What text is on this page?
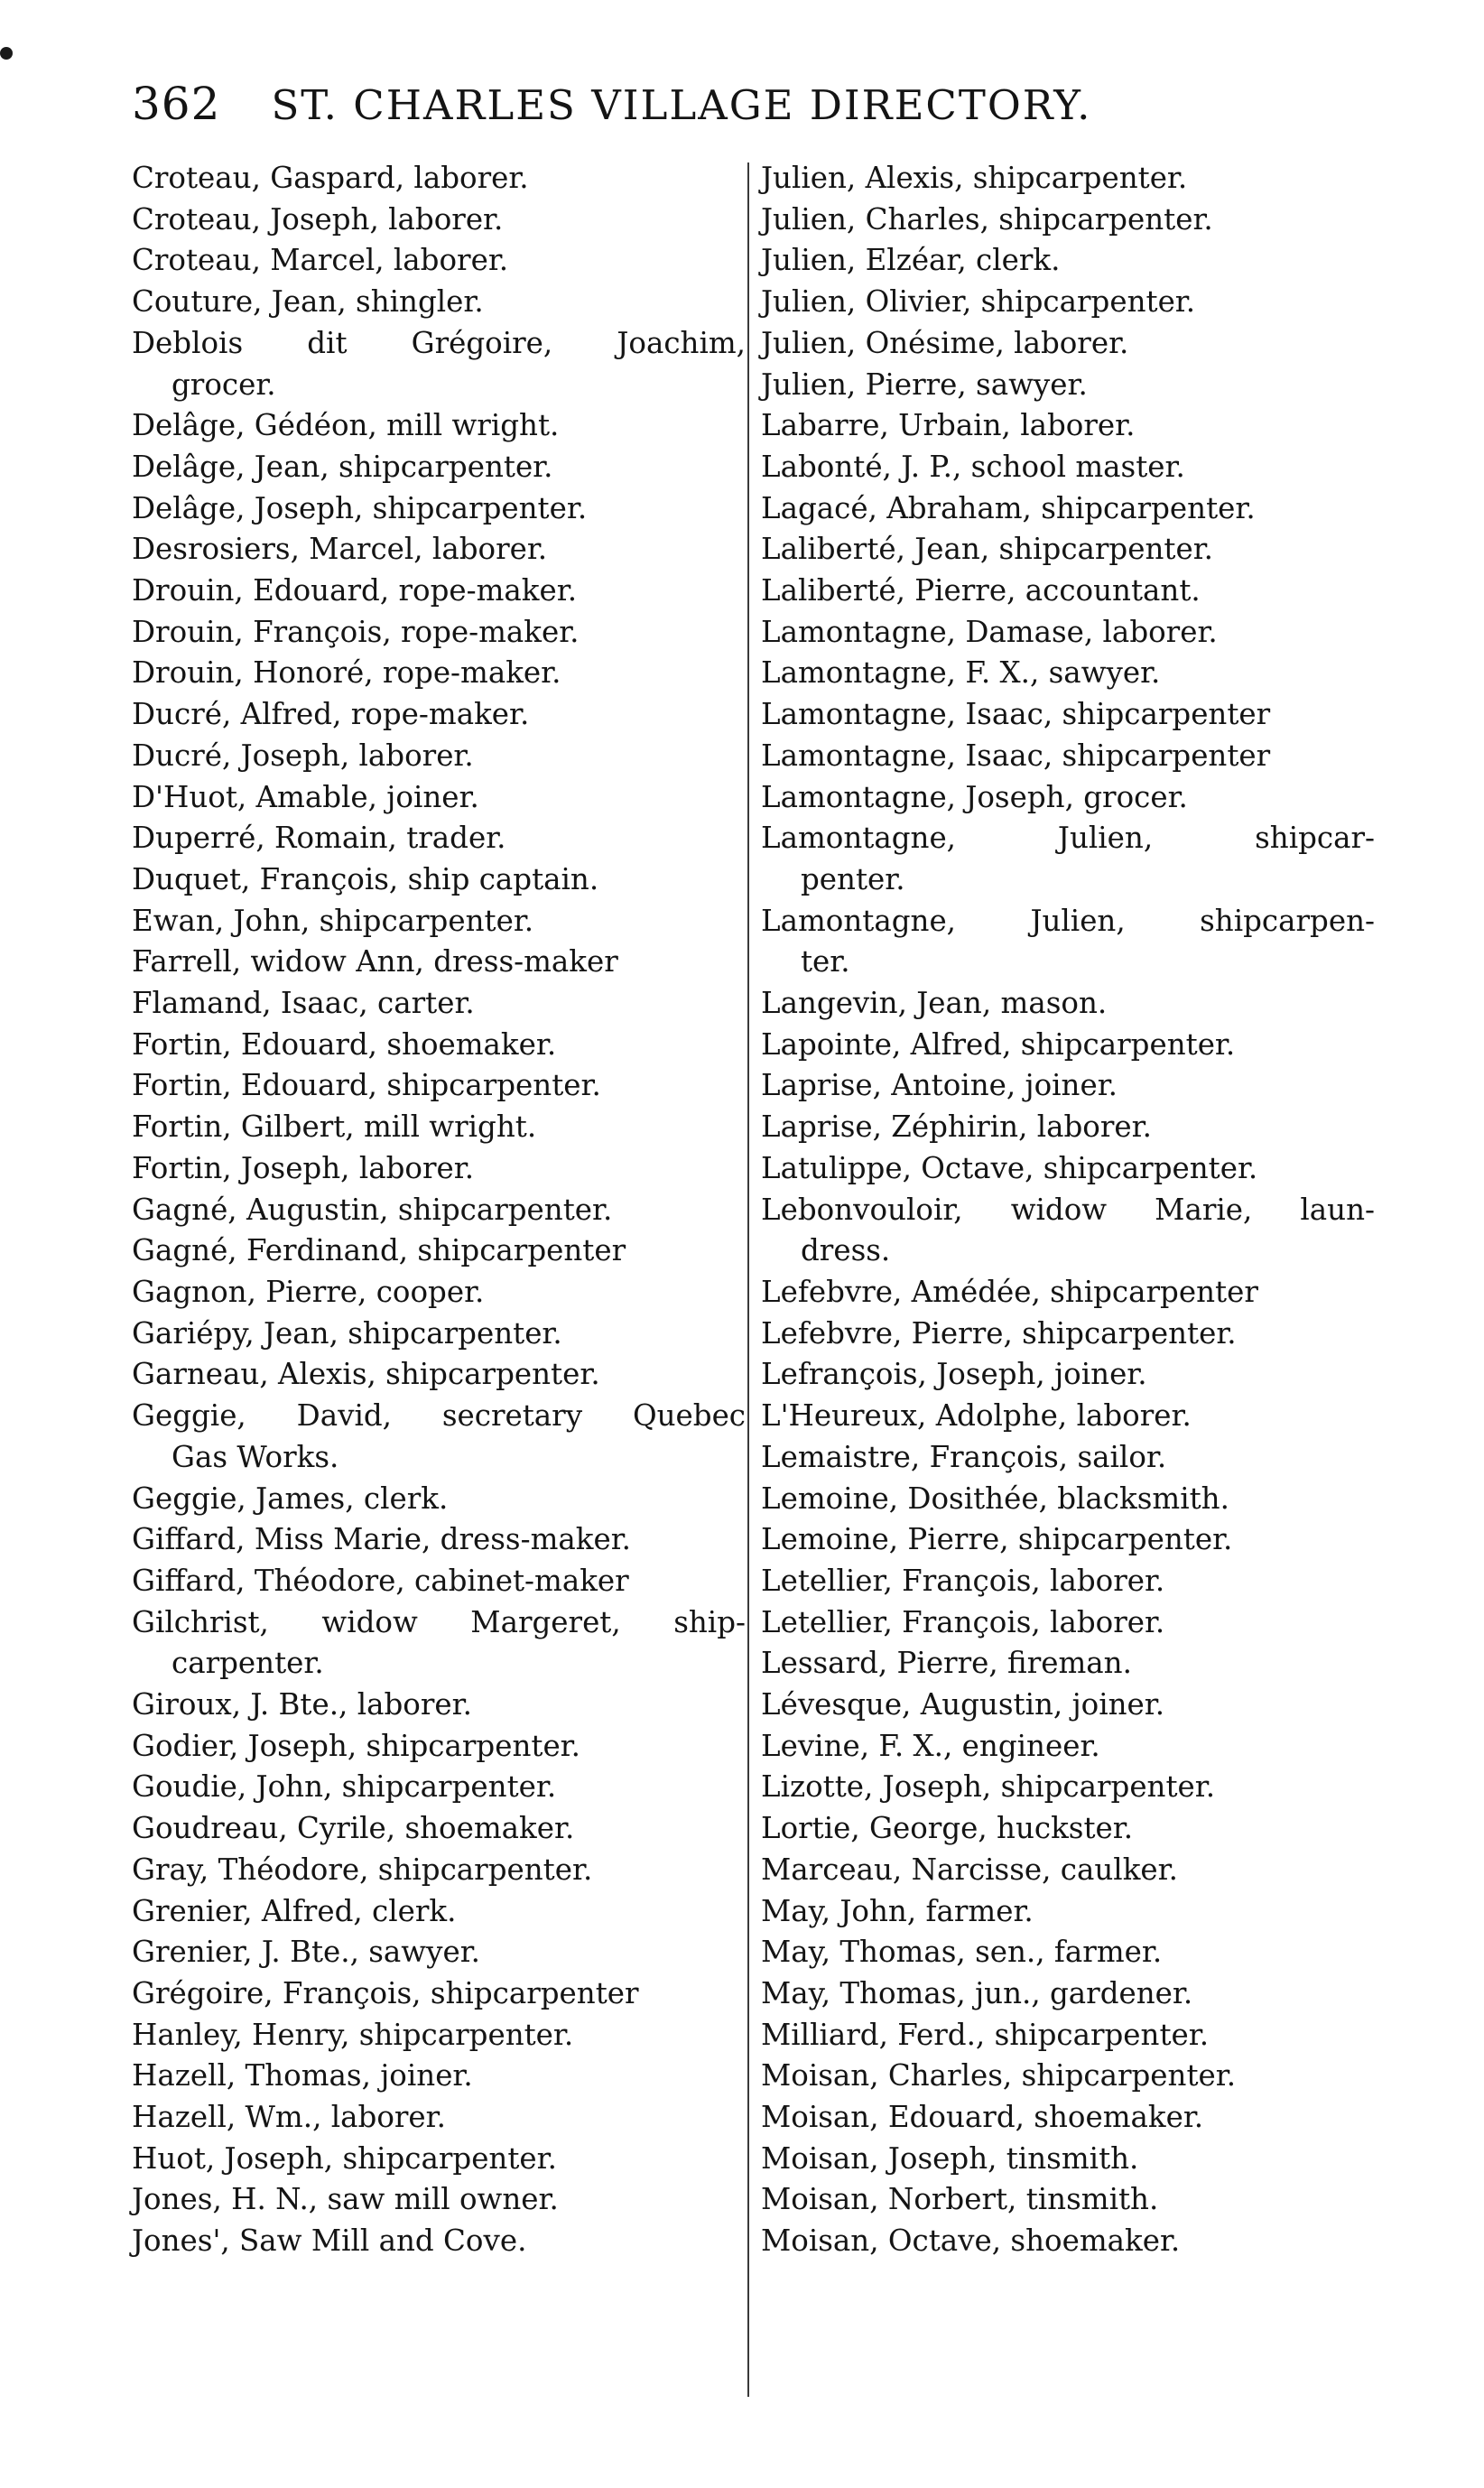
362 ST. CHARLES VILLAGE DIRECTORY.
Croteau, Gaspard, laborer.
Croteau, Joseph, laborer.
Croteau, Marcel, laborer.
Couture, Jean, shingler.
Deblois dit Grégoire, Joachim,
grocer.
Delâge, Gédéon, mill wright.
Delâge, Jean, shipcarpenter.
Delâge, Joseph, shipcarpenter.
Desrosiers, Marcel, laborer.
Drouin, Edouard, rope-maker.
Drouin, François, rope-maker.
Drouin, Honoré, rope-maker.
Ducré, Alfred, rope-maker.
Ducré, Joseph, laborer.
D'Huot, Amable, joiner.
Duperré, Romain, trader.
Duquet, François, ship captain.
Ewan, John, shipcarpenter.
Farrell, widow Ann, dress-maker
Flamand, Isaac, carter.
Fortin, Edouard, shoemaker.
Fortin, Edouard, shipcarpenter.
Fortin, Gilbert, mill wright.
Fortin, Joseph, laborer.
Gagné, Augustin, shipcarpenter.
Gagné, Ferdinand, shipcarpenter
Gagnon, Pierre, cooper.
Gariépy, Jean, shipcarpenter.
Garneau, Alexis, shipcarpenter.
Geggie, David, secretary Quebec
Gas Works.
Geggie, James, clerk.
Giffard, Miss Marie, dress-maker.
Giffard, Théodore, cabinet-maker
Gilchrist, widow Margeret, ship-
carpenter.
Giroux, J. Bte., laborer.
Godier, Joseph, shipcarpenter.
Goudie, John, shipcarpenter.
Goudreau, Cyrile, shoemaker.
Gray, Théodore, shipcarpenter.
Grenier, Alfred, clerk.
Grenier, J. Bte., sawyer.
Grégoire, François, shipcarpenter
Hanley, Henry, shipcarpenter.
Hazell, Thomas, joiner.
Hazell, Wm., laborer.
Huot, Joseph, shipcarpenter.
Jones, H. N., saw mill owner.
Jones', Saw Mill and Cove.
Julien, Alexis, shipcarpenter.
Julien, Charles, shipcarpenter.
Julien, Elzéar, clerk.
Julien, Olivier, shipcarpenter.
Julien, Onésime, laborer.
Julien, Pierre, sawyer.
Labarre, Urbain, laborer.
Labonté, J. P., school master.
Lagacé, Abraham, shipcarpenter.
Laliberté, Jean, shipcarpenter.
Laliberté, Pierre, accountant.
Lamontagne, Damase, laborer.
Lamontagne, F. X., sawyer.
Lamontagne, Isaac, shipcarpenter
Lamontagne, Isaac, shipcarpenter
Lamontagne, Joseph, grocer.
Lamontagne, Julien, shipcar-
penter.
Lamontagne, Julien, shipcarpen-
ter.
Langevin, Jean, mason.
Lapointe, Alfred, shipcarpenter.
Laprise, Antoine, joiner.
Laprise, Zéphirin, laborer.
Latulippe, Octave, shipcarpenter.
Lebonvouloir, widow Marie, laun-
dress.
Lefebvre, Amédée, shipcarpenter
Lefebvre, Pierre, shipcarpenter.
Lefrançois, Joseph, joiner.
L'Heureux, Adolphe, laborer.
Lemaistre, François, sailor.
Lemoine, Dosithée, blacksmith.
Lemoine, Pierre, shipcarpenter.
Letellier, François, laborer.
Letellier, François, laborer.
Lessard, Pierre, fireman.
Lévesque, Augustin, joiner.
Levine, F. X., engineer.
Lizotte, Joseph, shipcarpenter.
Lortie, George, huckster.
Marceau, Narcisse, caulker.
May, John, farmer.
May, Thomas, sen., farmer.
May, Thomas, jun., gardener.
Milliard, Ferd., shipcarpenter.
Moisan, Charles, shipcarpenter.
Moisan, Edouard, shoemaker.
Moisan, Joseph, tinsmith.
Moisan, Norbert, tinsmith.
Moisan, Octave, shoemaker.
